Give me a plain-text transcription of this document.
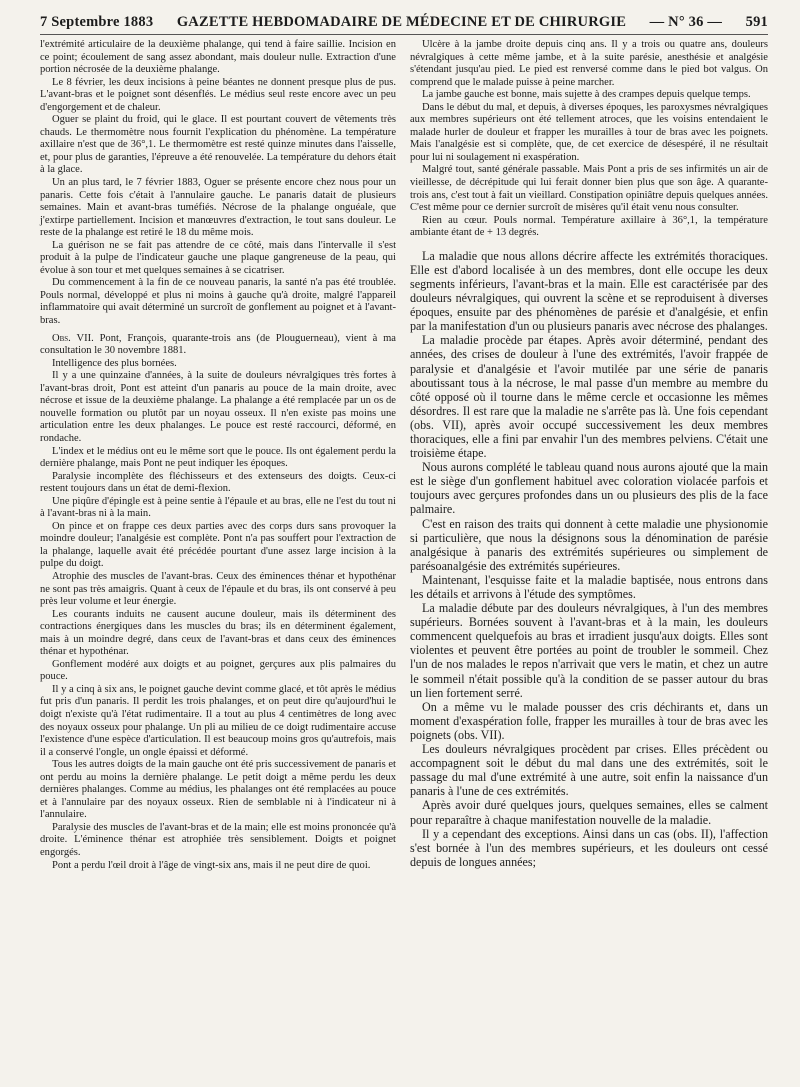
7 Septembre 1883 GAZETTE HEBDOMADAIRE DE MÉDECINE ET DE CHIRURGIE — N° 36 — 591

l'extrémité articulaire de la deuxième phalange, qui tend à faire saillie. Incision en ce point; écoulement de sang assez abondant, mais douleur nulle. Extraction d'une portion nécrosée de la deuxième phalange.

Le 8 février, les deux incisions à peine béantes ne donnent presque plus de pus. L'avant-bras et le poignet sont désenflés. Le médius seul reste encore avec un peu d'engorgement et de chaleur.

Oguer se plaint du froid, qui le glace. Il est pourtant couvert de vêtements très chauds. Le thermomètre nous fournit l'explication du phénomène. La température axillaire n'est que de 36°,1. Le thermomètre est resté quinze minutes dans l'aisselle, et, pour plus de garanties, l'épreuve a été renouvelée. La température du dehors était à la glace.

Un an plus tard, le 7 février 1883, Oguer se présente encore chez nous pour un panaris. Cette fois c'était à l'annulaire gauche. Le panaris datait de plusieurs semaines. Main et avant-bras tuméfiés. Nécrose de la phalange onguéale, que j'extirpe partiellement. Incision et manœuvres d'extraction, le tout sans douleur. Le reste de la phalange est retiré le 18 du même mois.

La guérison ne se fait pas attendre de ce côté, mais dans l'intervalle il s'est produit à la pulpe de l'indicateur gauche une plaque gangreneuse de la peau, qui évolue à son tour et met quelques semaines à se cicatriser.

Du commencement à la fin de ce nouveau panaris, la santé n'a pas été troublée. Pouls normal, développé et plus ni moins à gauche qu'à droite, malgré l'appareil inflammatoire qui avait déterminé un surcroît de gonflement au poignet et à l'avant-bras.

Obs. VII. Pont, François, quarante-trois ans (de Plouguerneau), vient à ma consultation le 30 novembre 1881.

Intelligence des plus bornées.

Il y a une quinzaine d'années, à la suite de douleurs névralgiques très fortes à l'avant-bras droit, Pont est atteint d'un panaris au pouce de la main droite, avec nécrose et issue de la deuxième phalange. La phalange a été remplacée par un os de nouvelle formation ou plutôt par un noyau osseux. Il n'en existe pas moins une articulation entre les deux phalanges. Le pouce est resté raccourci, déformé, en rondache.

L'index et le médius ont eu le même sort que le pouce. Ils ont également perdu la dernière phalange, mais Pont ne peut indiquer les époques.

Paralysie incomplète des fléchisseurs et des extenseurs des doigts. Ceux-ci restent toujours dans un état de demi-flexion.

Une piqûre d'épingle est à peine sentie à l'épaule et au bras, elle ne l'est du tout ni à l'avant-bras ni à la main.

On pince et on frappe ces deux parties avec des corps durs sans provoquer la moindre douleur; l'analgésie est complète. Pont n'a pas souffert pour l'extraction de la phalange, laquelle avait été précédée pourtant d'une assez large incision à la pulpe du doigt.

Atrophie des muscles de l'avant-bras. Ceux des éminences thénar et hypothénar ne sont pas très amaigris. Quant à ceux de l'épaule et du bras, ils ont conservé à peu près leur volume et leur énergie.

Les courants induits ne causent aucune douleur, mais ils déterminent des contractions énergiques dans les muscles du bras; ils en déterminent également, mais à un moindre degré, dans ceux de l'avant-bras et dans ceux des éminences thénar et hypothénar.

Gonflement modéré aux doigts et au poignet, gerçures aux plis palmaires du pouce.

Il y a cinq à six ans, le poignet gauche devint comme glacé, et tôt après le médius fut pris d'un panaris. Il perdit les trois phalanges, et on peut dire qu'aujourd'hui le doigt n'existe qu'à l'état rudimentaire. Il a tout au plus 4 centimètres de long avec des noyaux osseux pour phalange. Un pli au milieu de ce doigt rudimentaire accuse l'existence d'une espèce d'articulation. Il est beaucoup moins gros qu'autrefois, mais il a conservé l'ongle, un ongle épaissi et déformé.

Tous les autres doigts de la main gauche ont été pris successivement de panaris et ont perdu au moins la dernière phalange. Le petit doigt a même perdu les deux dernières phalanges. Comme au médius, les phalanges ont été remplacées au pouce et à l'annulaire par des noyaux osseux. Rien de semblable ni à l'indicateur ni à l'annulaire.

Paralysie des muscles de l'avant-bras et de la main; elle est moins prononcée qu'à droite. L'éminence thénar est atrophiée très sensiblement. Doigts et poignet engorgés.

Pont a perdu l'œil droit à l'âge de vingt-six ans, mais il ne peut dire de quoi.

Ulcère à la jambe droite depuis cinq ans. Il y a trois ou quatre ans, douleurs névralgiques à cette même jambe, et à la suite parésie, anesthésie et analgésie s'étendant jusqu'au pied. Le pied est renversé comme dans le pied bot valgus. On comprend que le malade puisse à peine marcher.

La jambe gauche est bonne, mais sujette à des crampes depuis quelque temps.

Dans le début du mal, et depuis, à diverses époques, les paroxysmes névralgiques aux membres supérieurs ont été tellement atroces, que les voisins entendaient le malade hurler de douleur et frapper les murailles à tour de bras avec les poignets. Mais l'analgésie est si complète, que, de cet exercice de désespéré, il ne résultait pour lui ni soulagement ni exaspération.

Malgré tout, santé générale passable. Mais Pont a pris de ses infirmités un air de vieillesse, de décrépitude qui lui ferait donner bien plus que son âge. A quarante-trois ans, c'est tout à fait un vieillard. Constipation opiniâtre depuis quelques années. C'est même pour ce dernier surcroît de misères qu'il était venu nous consulter.

Rien au cœur. Pouls normal. Température axillaire à 36°,1, la température ambiante étant de + 13 degrés.

La maladie que nous allons décrire affecte les extrémités thoraciques. Elle est d'abord localisée à un des membres, dont elle occupe les deux segments inférieurs, l'avant-bras et la main. Elle est caractérisée par des douleurs névralgiques, qui ouvrent la scène et se reproduisent à diverses époques, ensuite par des phénomènes de parésie et d'analgésie, et enfin par la manifestation d'un ou plusieurs panaris avec nécrose des phalanges.

La maladie procède par étapes. Après avoir déterminé, pendant des années, des crises de douleur à l'une des extrémités, l'avoir frappée de paralysie et d'analgésie et l'avoir mutilée par une série de panaris aboutissant tous à la nécrose, le mal passe d'un membre au membre du côté opposé où il tourne dans le même cercle et occasionne les mêmes désordres. Il est rare que la maladie ne s'arrête pas là. Une fois cependant (obs. VII), après avoir occupé successivement les deux membres thoraciques, elle a fini par envahir l'un des membres pelviens. C'était une troisième étape.

Nous aurons complété le tableau quand nous aurons ajouté que la main est le siège d'un gonflement habituel avec coloration violacée parfois et toujours avec gerçures profondes dans un ou plusieurs des plis de la face palmaire.

C'est en raison des traits qui donnent à cette maladie une physionomie si particulière, que nous la désignons sous la dénomination de parésie analgésique à panaris des extrémités supérieures ou simplement de parésoanalgésie des extrémités supérieures.

Maintenant, l'esquisse faite et la maladie baptisée, nous entrons dans les détails et arrivons à l'étude des symptômes.

La maladie débute par des douleurs névralgiques, à l'un des membres supérieurs. Bornées souvent à l'avant-bras et à la main, les douleurs commencent quelquefois au bras et irradient jusqu'aux doigts. Elles sont violentes et peuvent être portées au point de troubler le sommeil. Chez l'un de nos malades le repos n'arrivait que vers le matin, et chez un autre le sommeil n'était possible qu'à la condition de se passer autour du bras un lien fortement serré.

On a même vu le malade pousser des cris déchirants et, dans un moment d'exaspération folle, frapper les murailles à tour de bras avec les poignets (obs. VII).

Les douleurs névralgiques procèdent par crises. Elles précèdent ou accompagnent soit le début du mal dans une des extrémités, soit le passage du mal d'une extrémité à une autre, soit enfin la naissance d'un panaris à l'une de ces extrémités.

Après avoir duré quelques jours, quelques semaines, elles se calment pour reparaître à chaque manifestation nouvelle de la maladie.

Il y a cependant des exceptions. Ainsi dans un cas (obs. II), l'affection s'est bornée à l'un des membres supérieurs, et les douleurs ont cessé depuis de longues années;
